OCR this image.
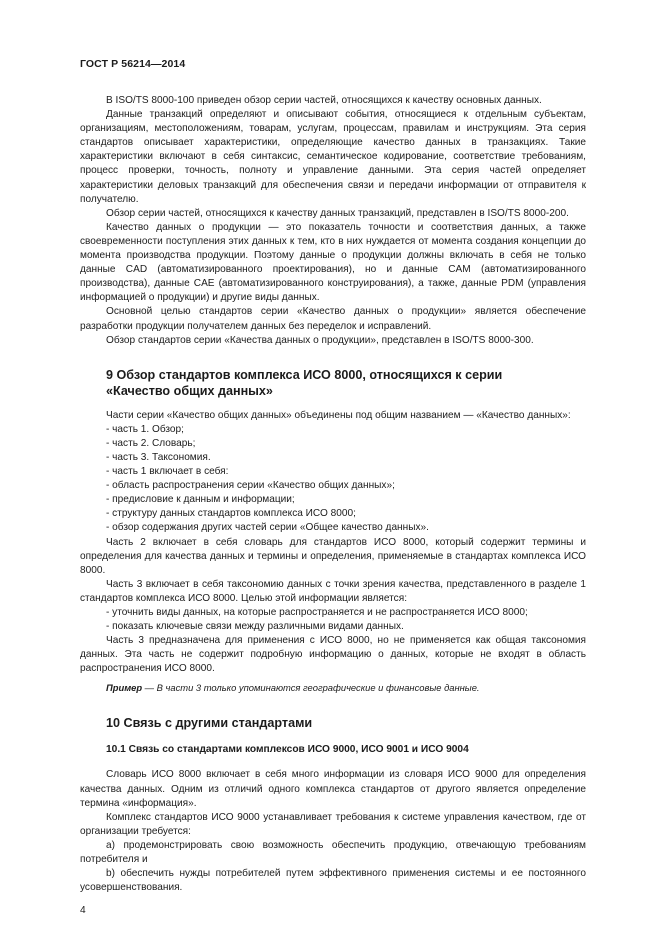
ГОСТ Р 56214—2014

В ISO/TS 8000-100 приведен обзор серии частей, относящихся к качеству основных данных.

Данные транзакций определяют и описывают события, относящиеся к отдельным субъектам, организациям, местоположениям, товарам, услугам, процессам, правилам и инструкциям. Эта серия стандартов описывает характеристики, определяющие качество данных в транзакциях. Такие характеристики включают в себя синтаксис, семантическое кодирование, соответствие требованиям, процесс проверки, точность, полноту и управление данными. Эта серия частей определяет характеристики деловых транзакций для обеспечения связи и передачи информации от отправителя к получателю.

Обзор серии частей, относящихся к качеству данных транзакций, представлен в ISO/TS 8000-200.

Качество данных о продукции — это показатель точности и соответствия данных, а также своевременности поступления этих данных к тем, кто в них нуждается от момента создания концепции до момента производства продукции. Поэтому данные о продукции должны включать в себя не только данные CAD (автоматизированного проектирования), но и данные CAM (автоматизированного производства), данные CAE (автоматизированного конструирования), а также, данные PDM (управления информацией о продукции) и другие виды данных.

Основной целью стандартов серии «Качество данных о продукции» является обеспечение разработки продукции получателем данных без переделок и исправлений.

Обзор стандартов серии «Качества данных о продукции», представлен в ISO/TS 8000-300.

9 Обзор стандартов комплекса ИСО 8000, относящихся к серии
«Качество общих данных»

Части серии «Качество общих данных» объединены под общим названием — «Качество данных»:

- часть 1. Обзор;

- часть 2. Словарь;

- часть 3. Таксономия.

- часть 1 включает в себя:

- область распространения серии «Качество общих данных»;

- предисловие к данным и информации;

- структуру данных стандартов комплекса ИСО 8000;

- обзор содержания других частей серии «Общее качество данных».

Часть 2 включает в себя словарь для стандартов ИСО 8000, который содержит термины и определения для качества данных и термины и определения, применяемые в стандартах комплекса ИСО 8000.

Часть 3 включает в себя таксономию данных с точки зрения качества, представленного в разделе 1 стандартов комплекса ИСО 8000. Целью этой информации является:

- уточнить виды данных, на которые распространяется и не распространяется ИСО 8000;

- показать ключевые связи между различными видами данных.

Часть 3 предназначена для применения с ИСО 8000, но не применяется как общая таксономия данных. Эта часть не содержит подробную информацию о данных, которые не входят в область распространения ИСО 8000.

Пример — В части 3 только упоминаются географические и финансовые данные.

10 Связь с другими стандартами
10.1 Связь со стандартами комплексов ИСО 9000, ИСО 9001 и ИСО 9004

Словарь ИСО 8000 включает в себя много информации из словаря ИСО 9000 для определения качества данных. Одним из отличий одного комплекса стандартов от другого является определение термина «информация».

Комплекс стандартов ИСО 9000 устанавливает требования к системе управления качеством, где от организации требуется:

a) продемонстрировать свою возможность обеспечить продукцию, отвечающую требованиям потребителя и

b) обеспечить нужды потребителей путем эффективного применения системы и ее постоянного усовершенствования.

4
